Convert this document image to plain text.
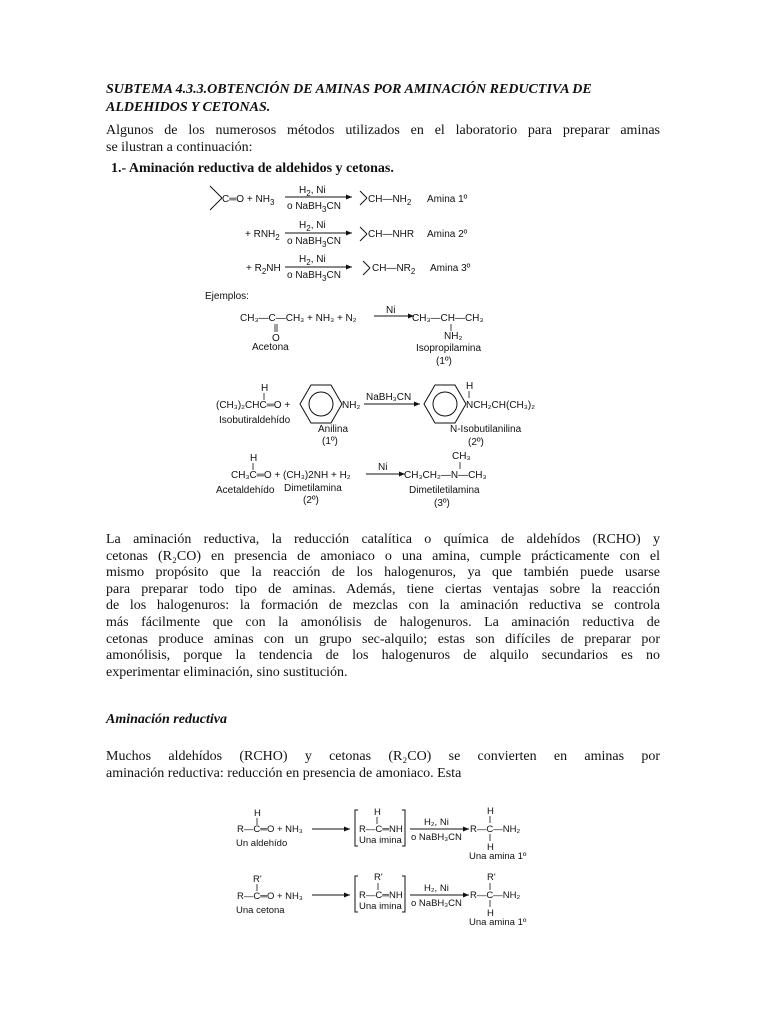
SUBTEMA 4.3.3.OBTENCIÓN DE AMINAS POR AMINACIÓN REDUCTIVA DE
ALDEHIDOS Y CETONAS.
Algunos de los numerosos métodos utilizados en el laboratorio para preparar aminas
se ilustran a continuación:
1.- Aminación reductiva de aldehidos y cetonas.
C═O + $NH_3$
$H_2$, Ni
o NaBH$_3$CN
$CH—NH_2$ Amina 1º
+ $RNH_2$
$H_2$, Ni
o NaBH$_3$CN
CH—NHR Amina 2º
+ $R_2NH$
$H_2$, Ni
o NaBH$_3$CN
$CH—NR_2$ Amina 3º
Ejemplos:
CH₃—C—CH₃ + NH₃ + N₂
O
Ni
CH₃—CH—CH₃
NH₂
Acetona	Isopropilamina
(1º)
H
(CH₃)₂CHC═O +	NH₂
NaBH₃CN
H
NCH₂CH(CH₃)₂
Isobutiraldehído
Anilina
(1º)
N-Isobutilanilina
(2º)
H
CH₃C═O + (CH₃)2NH + H₂
Ni
CH₃
CH₃CH₂—N—CH₃
Acetaldehído Dimetilamina
(2º)
Dimetiletilamina
(3º)
H
R—C═O + NH₃
Un aldehído
H
R—C═NH
Una imina
H₂, Ni
o NaBH₃CN
H
R—C—NH₂
H
Una amina 1º
R'
R—C═O + NH₃
Una cetona
R'
R—C═NH
Una imina
H₂, Ni
o NaBH₃CN
R'
R—C—NH₂
H
Una amina 1º
La aminación reductiva, la reducción catalítica o química de aldehídos (RCHO) y
cetonas (R₂CO) en presencia de amoniaco o una amina, cumple prácticamente con el
mismo propósito que la reacción de los halogenuros, ya que también puede usarse
para preparar todo tipo de aminas. Además, tiene ciertas ventajas sobre la reacción
de los halogenuros: la formación de mezclas con la aminación reductiva se controla
más fácilmente que con la amonólisis de halogenuros. La aminación reductiva de
cetonas produce aminas con un grupo sec-alquilo; estas son difíciles de preparar por
amonólisis, porque la tendencia de los halogenuros de alquilo secundarios es no
experimentar eliminación, sino sustitución.
Aminación reductiva
Muchos aldehídos (RCHO) y cetonas (R₂CO) se convierten en aminas por
aminación reductiva: reducción en presencia de amoniaco. Esta
